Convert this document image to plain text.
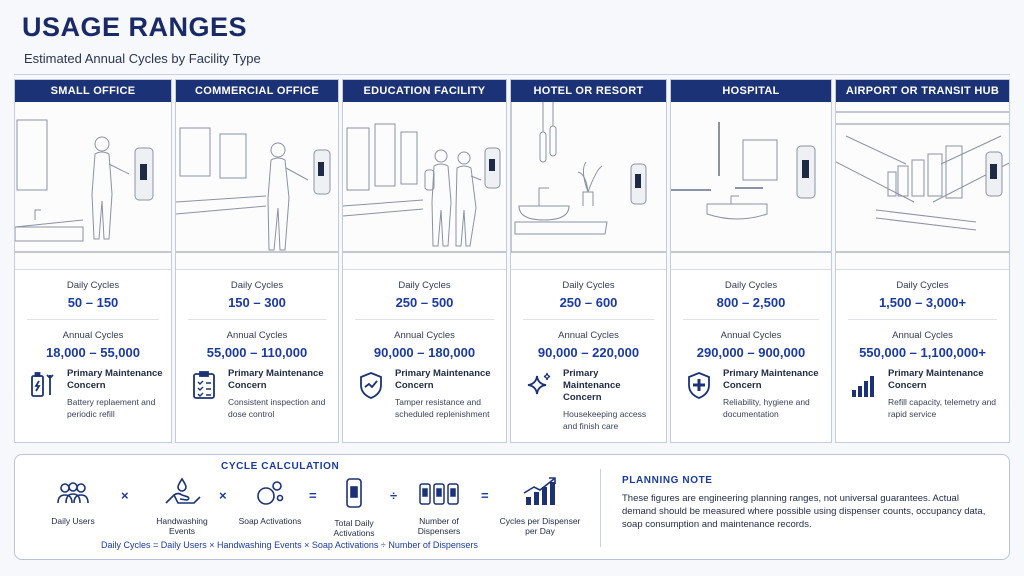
USAGE RANGES
Estimated Annual Cycles by Facility Type
SMALL OFFICE
Daily Cycles
50 – 150
Annual Cycles
18,000 – 55,000
Primary Maintenance Concern
Battery replaement and periodic refill
COMMERCIAL OFFICE
Daily Cycles
150 – 300
Annual Cycles
55,000 – 110,000
Primary Maintenance Concern
Consistent inspection and dose control
EDUCATION FACILITY
Daily Cycles
250 – 500
Annual Cycles
90,000 – 180,000
Primary Maintenance Concern
Tamper resistance and scheduled replenishment
HOTEL OR RESORT
Daily Cycles
250 – 600
Annual Cycles
90,000 – 220,000
Primary Maintenance Concern
Housekeeping access and finish care
HOSPITAL
Daily Cycles
800 – 2,500
Annual Cycles
290,000 – 900,000
Primary Maintenance Concern
Reliability, hygiene and documentation
AIRPORT OR TRANSIT HUB
Daily Cycles
1,500 – 3,000+
Annual Cycles
550,000 – 1,100,000+
Primary Maintenance Concern
Refill capacity, telemetry and rapid service
CYCLE CALCULATION
Daily Users
×
Handwashing Events
×
Soap Activations
=
Total Daily Activations
÷
Number of Dispensers
=
Cycles per Dispenser per Day
Daily Cycles = Daily Users × Handwashing Events × Soap Activations ÷ Number of Dispensers
PLANNING NOTE
These figures are engineering planning ranges, not universal guarantees. Actual demand should be measured where possible using dispenser counts, occupancy data, soap consumption and maintenance records.
